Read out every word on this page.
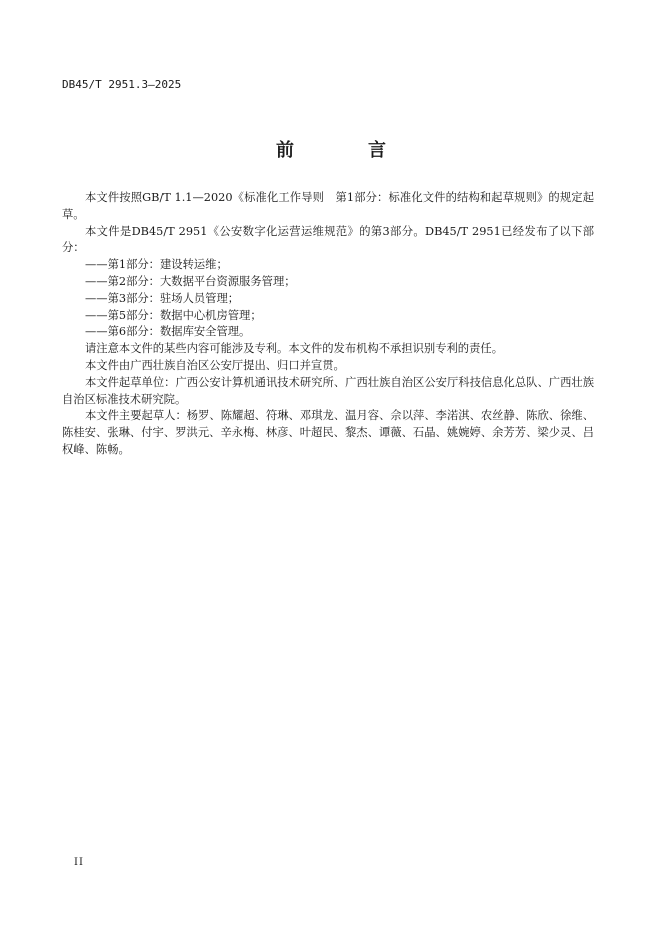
DB45/T 2951.3—2025
前　言

本文件按照GB/T 1.1—2020《标准化工作导则　第1部分：标准化文件的结构和起草规则》的规定起草。

本文件是DB45/T 2951《公安数字化运营运维规范》的第3部分。DB45/T 2951已经发布了以下部分：

——第1部分：建设转运维；

——第2部分：大数据平台资源服务管理；

——第3部分：驻场人员管理；

——第5部分：数据中心机房管理；

——第6部分：数据库安全管理。

请注意本文件的某些内容可能涉及专利。本文件的发布机构不承担识别专利的责任。

本文件由广西壮族自治区公安厅提出、归口并宣贯。

本文件起草单位：广西公安计算机通讯技术研究所、广西壮族自治区公安厅科技信息化总队、广西壮族自治区标准技术研究院。

本文件主要起草人：杨罗、陈耀超、符琳、邓琪龙、温月容、佘以萍、李渃淇、农丝静、陈欣、徐维、陈桂安、张琳、付宇、罗洪元、辛永梅、林彦、叶超民、黎杰、谭薇、石晶、姚婉婷、余芳芳、梁少灵、吕权峰、陈畅。

II
